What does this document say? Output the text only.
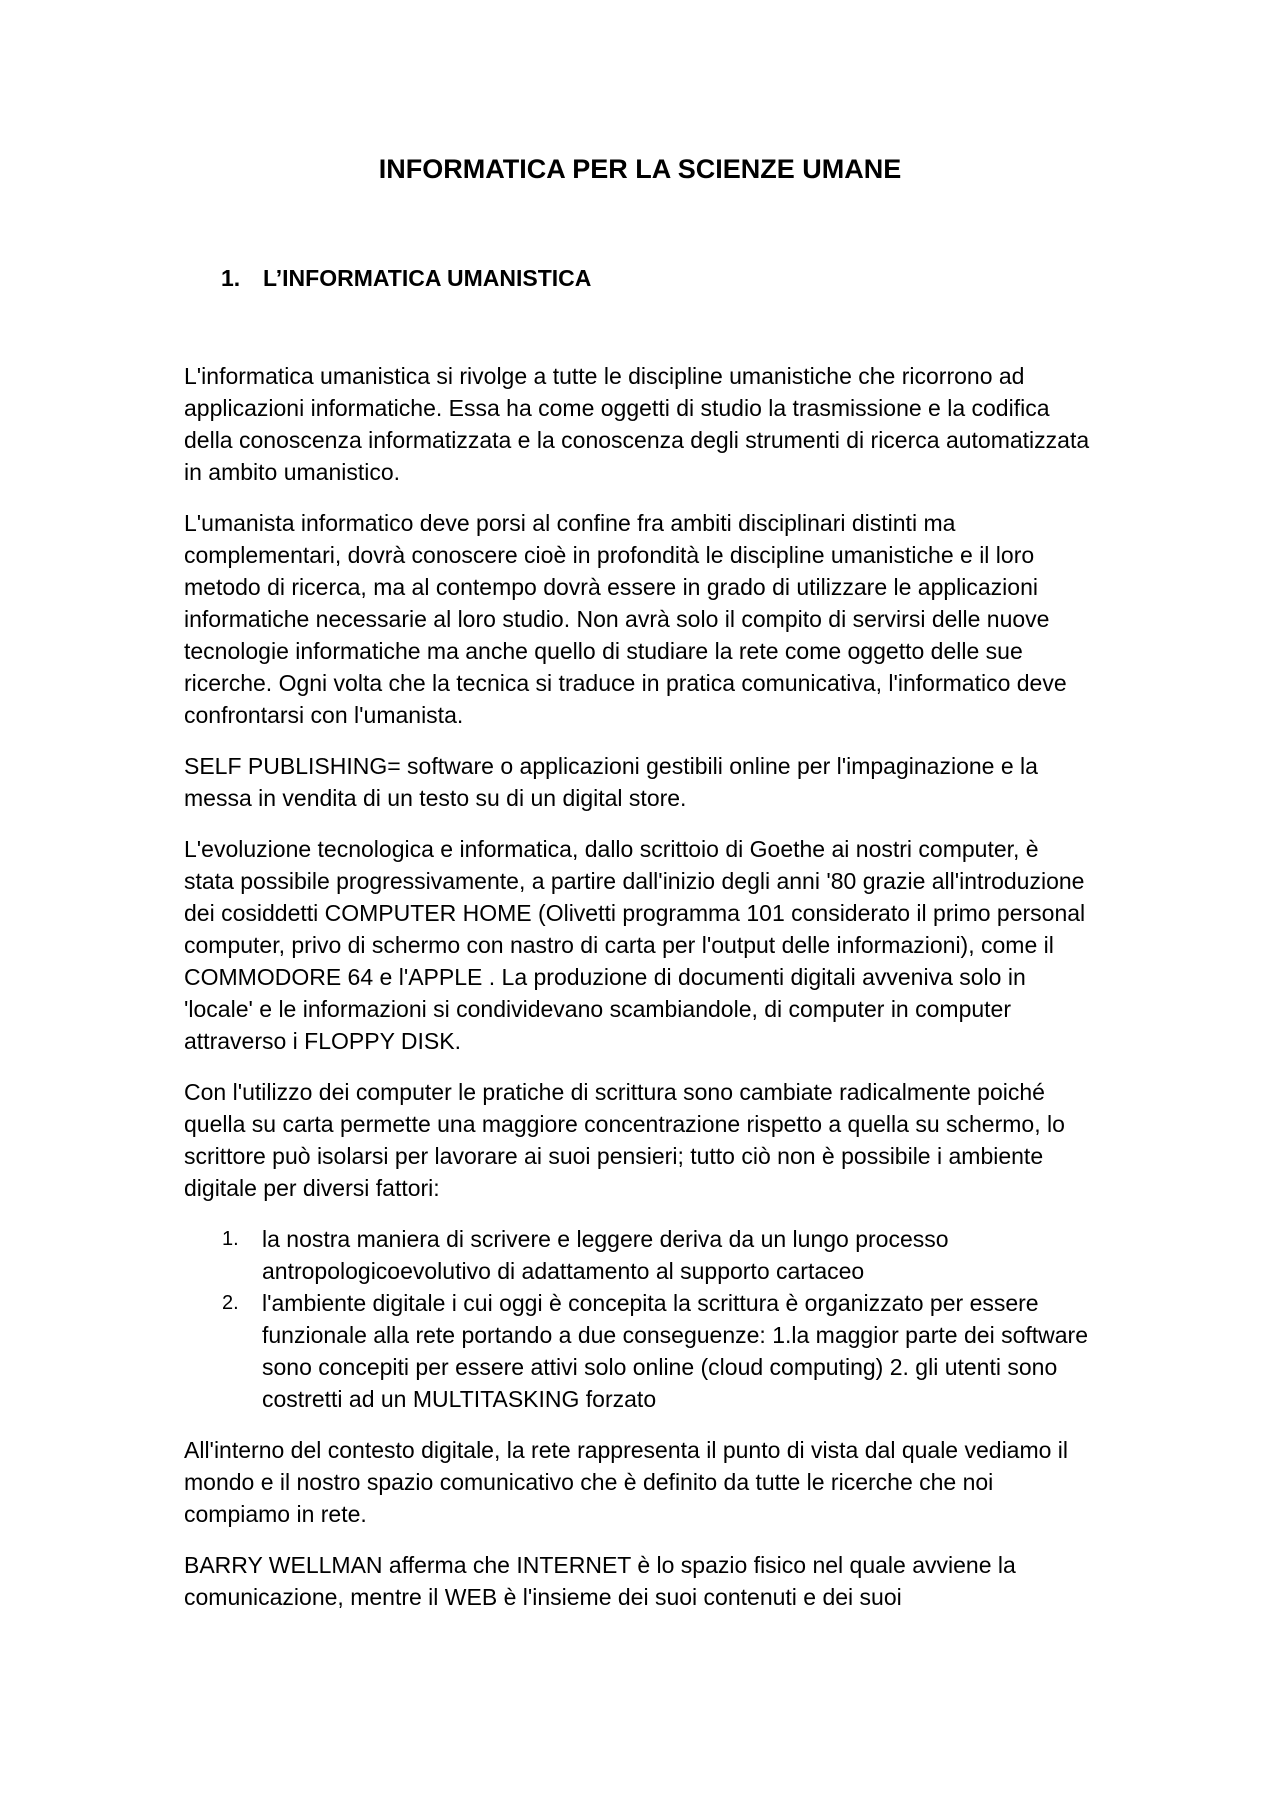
INFORMATICA PER LA SCIENZE UMANE
1. L’INFORMATICA UMANISTICA

L'informatica umanistica si rivolge a tutte le discipline umanistiche che ricorrono ad applicazioni informatiche. Essa ha come oggetti di studio la trasmissione e la codifica della conoscenza informatizzata e la conoscenza degli strumenti di ricerca automatizzata in ambito umanistico.

L'umanista informatico deve porsi al confine fra ambiti disciplinari distinti ma complementari, dovrà conoscere cioè in profondità le discipline umanistiche e il loro metodo di ricerca, ma al contempo dovrà essere in grado di utilizzare le applicazioni informatiche necessarie al loro studio. Non avrà solo il compito di servirsi delle nuove tecnologie informatiche ma anche quello di studiare la rete come oggetto delle sue ricerche. Ogni volta che la tecnica si traduce in pratica comunicativa, l'informatico deve confrontarsi con l'umanista.

SELF PUBLISHING= software o applicazioni gestibili online per l'impaginazione e la messa in vendita di un testo su di un digital store.

L'evoluzione tecnologica e informatica, dallo scrittoio di Goethe ai nostri computer, è stata possibile progressivamente, a partire dall'inizio degli anni '80 grazie all'introduzione dei cosiddetti COMPUTER HOME (Olivetti programma 101 considerato il primo personal computer, privo di schermo con nastro di carta per l'output delle informazioni), come il COMMODORE 64 e l'APPLE . La produzione di documenti digitali avveniva solo in 'locale' e le informazioni si condividevano scambiandole, di computer in computer attraverso i FLOPPY DISK.

Con l'utilizzo dei computer le pratiche di scrittura sono cambiate radicalmente poiché quella su carta permette una maggiore concentrazione rispetto a quella su schermo, lo scrittore può isolarsi per lavorare ai suoi pensieri; tutto ciò non è possibile i ambiente digitale per diversi fattori:

1. la nostra maniera di scrivere e leggere deriva da un lungo processo antropologicoevolutivo di adattamento al supporto cartaceo
2. l'ambiente digitale i cui oggi è concepita la scrittura è organizzato per essere funzionale alla rete portando a due conseguenze: 1.la maggior parte dei software sono concepiti per essere attivi solo online (cloud computing) 2. gli utenti sono costretti ad un MULTITASKING forzato

All'interno del contesto digitale, la rete rappresenta il punto di vista dal quale vediamo il mondo e il nostro spazio comunicativo che è definito da tutte le ricerche che noi compiamo in rete.

BARRY WELLMAN afferma che INTERNET è lo spazio fisico nel quale avviene la comunicazione, mentre il WEB è l'insieme dei suoi contenuti e dei suoi
